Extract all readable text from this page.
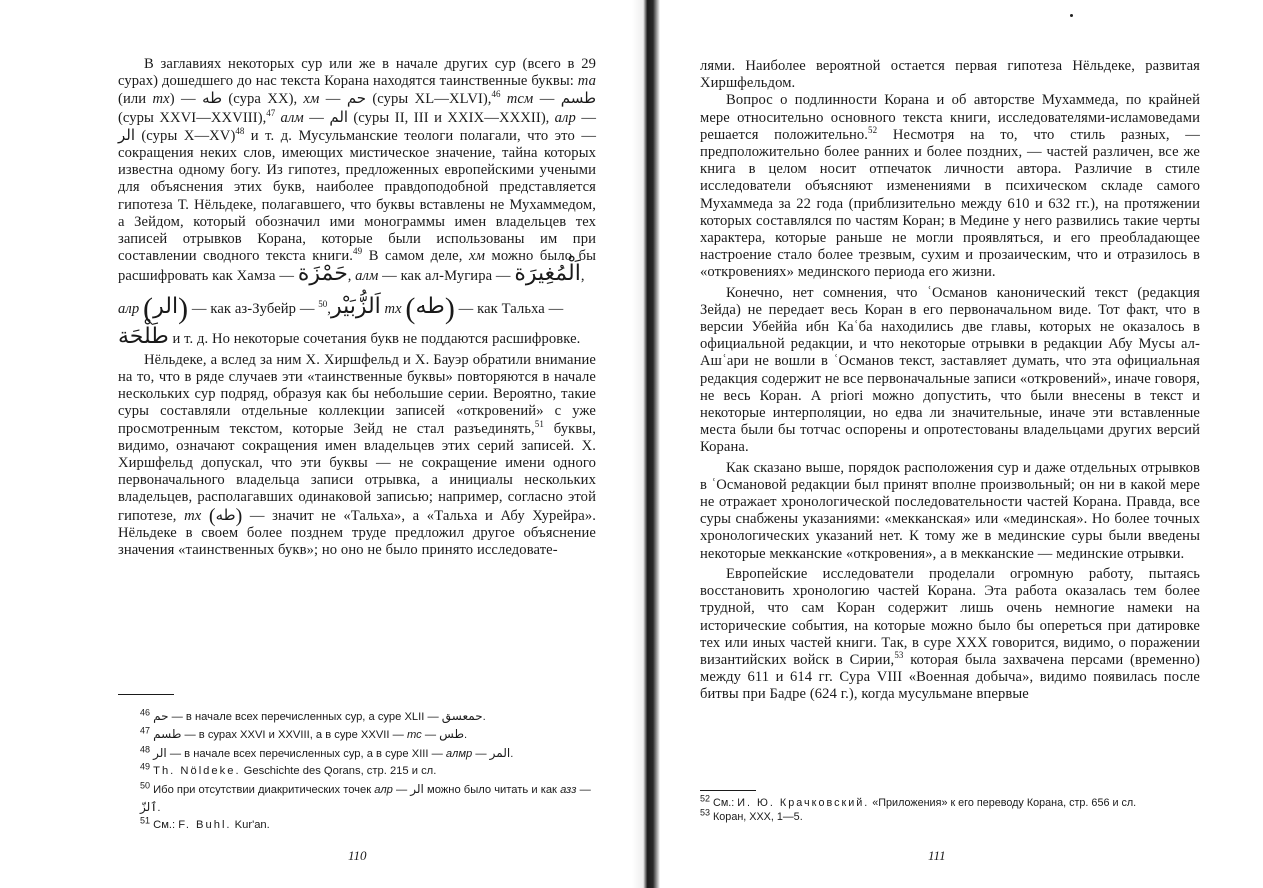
В заглавиях некоторых сур или же в начале других сур (всего в 29 сурах) дошедшего до нас текста Корана находятся таинственные буквы: та (или тх) — طه (сура XX), хм — حم (суры XL—XLVI),$^{46}$ тсм — طسم (суры XXVI—XXVIII),$^{47}$ алм — الم (суры II, III и XXIX—XXXII), алр — الر (суры X—XV)$^{48}$ и т. д. Мусульманские теологи полагали, что это — сокращения неких слов, имеющих мистическое значение, тайна которых известна одному богу. Из гипотез, предложенных европейскими учеными для объяснения этих букв, наиболее правдоподобной представляется гипотеза Т. Нёльдеке, полагавшего, что буквы вставлены не Мухаммедом, а Зейдом, который обозначил ими монограммы имен владельцев тех записей отрывков Корана, которые были использованы им при составлении сводного текста книги.$^{49}$ В самом деле, хм можно было бы расшифровать как Хамза — حَمْزَة, алм — как ал-Мугира — اَلْمُغِيرَة,

алр (الر) — как аз-Зубейр — اَلزُّبَيْر,$^{50}$	тх (طه) — как Тальха —

طَلْحَة и т. д. Но некоторые сочетания букв не поддаются расшифровке.

Нёльдеке, а вслед за ним Х. Хиршфельд и Х. Бауэр обратили внимание на то, что в ряде случаев эти «таинственные буквы» повторяются в начале нескольких сур подряд, образуя как бы небольшие серии. Вероятно, такие суры составляли отдельные коллекции записей «откровений» с уже просмотренным текстом, которые Зейд не стал разъединять,$^{51}$ буквы, видимо, означают сокращения имен владельцев этих серий записей. Х. Хиршфельд допускал, что эти буквы — не сокращение имени одного первоначального владельца записи отрывка, а инициалы нескольких владельцев, располагавших одинаковой записью; например, согласно этой гипотезе, тх (طه) — значит не «Тальха», а «Тальха и Абу Хурейра». Нёльдеке в своем более позднем труде предложил другое объяснение значения «таинственных букв»; но оно не было принято исследовате-

$^{46}$ حم — в начале всех перечисленных сур, а суре XLII — حمعسق.

$^{47}$ طسم — в сурах XXVI и XXVIII, а в суре XXVII — тс — طس.

$^{48}$ الر — в начале всех перечисленных сур, а в суре XIII — алмр — المر.

$^{49}$ Th. Nöldeke. Geschichte des Qorans, стр. 215 и сл.

$^{50}$ Ибо при отсутствии диакритических точек алр — الر можно было читать и как азз — ٱلزّ.

$^{51}$ См.: F. Buhl. Kur'an.

110

лями. Наиболее вероятной остается первая гипотеза Нёльдеке, развитая Хиршфельдом.

Вопрос о подлинности Корана и об авторстве Мухаммеда, по крайней мере относительно основного текста книги, исследователями-исламоведами решается положительно.$^{52}$ Несмотря на то, что стиль разных, — предположительно более ранних и более поздних, — частей различен, все же книга в целом носит отпечаток личности автора. Различие в стиле исследователи объясняют изменениями в психическом складе самого Мухаммеда за 22 года (приблизительно между 610 и 632 гг.), на протяжении которых составлялся по частям Коран; в Медине у него развились такие черты характера, которые раньше не могли проявляться, и его преобладающее настроение стало более трезвым, сухим и прозаическим, что и отразилось в «откровениях» мединского периода его жизни.

Конечно, нет сомнения, что ʿОсманов канонический текст (редакция Зейда) не передает весь Коран в его первоначальном виде. Тот факт, что в версии Убеййа ибн Каʿба находились две главы, которых не оказалось в официальной редакции, и что некоторые отрывки в редакции Абу Мусы ал-Ашʿари не вошли в ʿОсманов текст, заставляет думать, что эта официальная редакция содержит не все первоначальные записи «откровений», иначе говоря, не весь Коран. А priori можно допустить, что были внесены в текст и некоторые интерполяции, но едва ли значительные, иначе эти вставленные места были бы тотчас оспорены и опротестованы владельцами других версий Корана.

Как сказано выше, порядок расположения сур и даже отдельных отрывков в ʿОсмановой редакции был принят вполне произвольный; он ни в какой мере не отражает хронологической последовательности частей Корана. Правда, все суры снабжены указаниями: «мекканская» или «мединская». Но более точных хронологических указаний нет. К тому же в мединские суры были введены некоторые мекканские «откровения», а в мекканские — мединские отрывки.

Европейские исследователи проделали огромную работу, пытаясь восстановить хронологию частей Корана. Эта работа оказалась тем более трудной, что сам Коран содержит лишь очень немногие намеки на исторические события, на которые можно было бы опереться при датировке тех или иных частей книги. Так, в суре XXX говорится, видимо, о поражении византийских войск в Сирии,$^{53}$ которая была захвачена персами (временно) между 611 и 614 гг. Сура VIII «Военная добыча», видимо появилась после битвы при Бадре (624 г.), когда мусульмане впервые

$^{52}$ См.: И. Ю. Крачковский. «Приложения» к его переводу Корана, стр. 656 и сл.

$^{53}$ Коран, XXX, 1—5.

111
